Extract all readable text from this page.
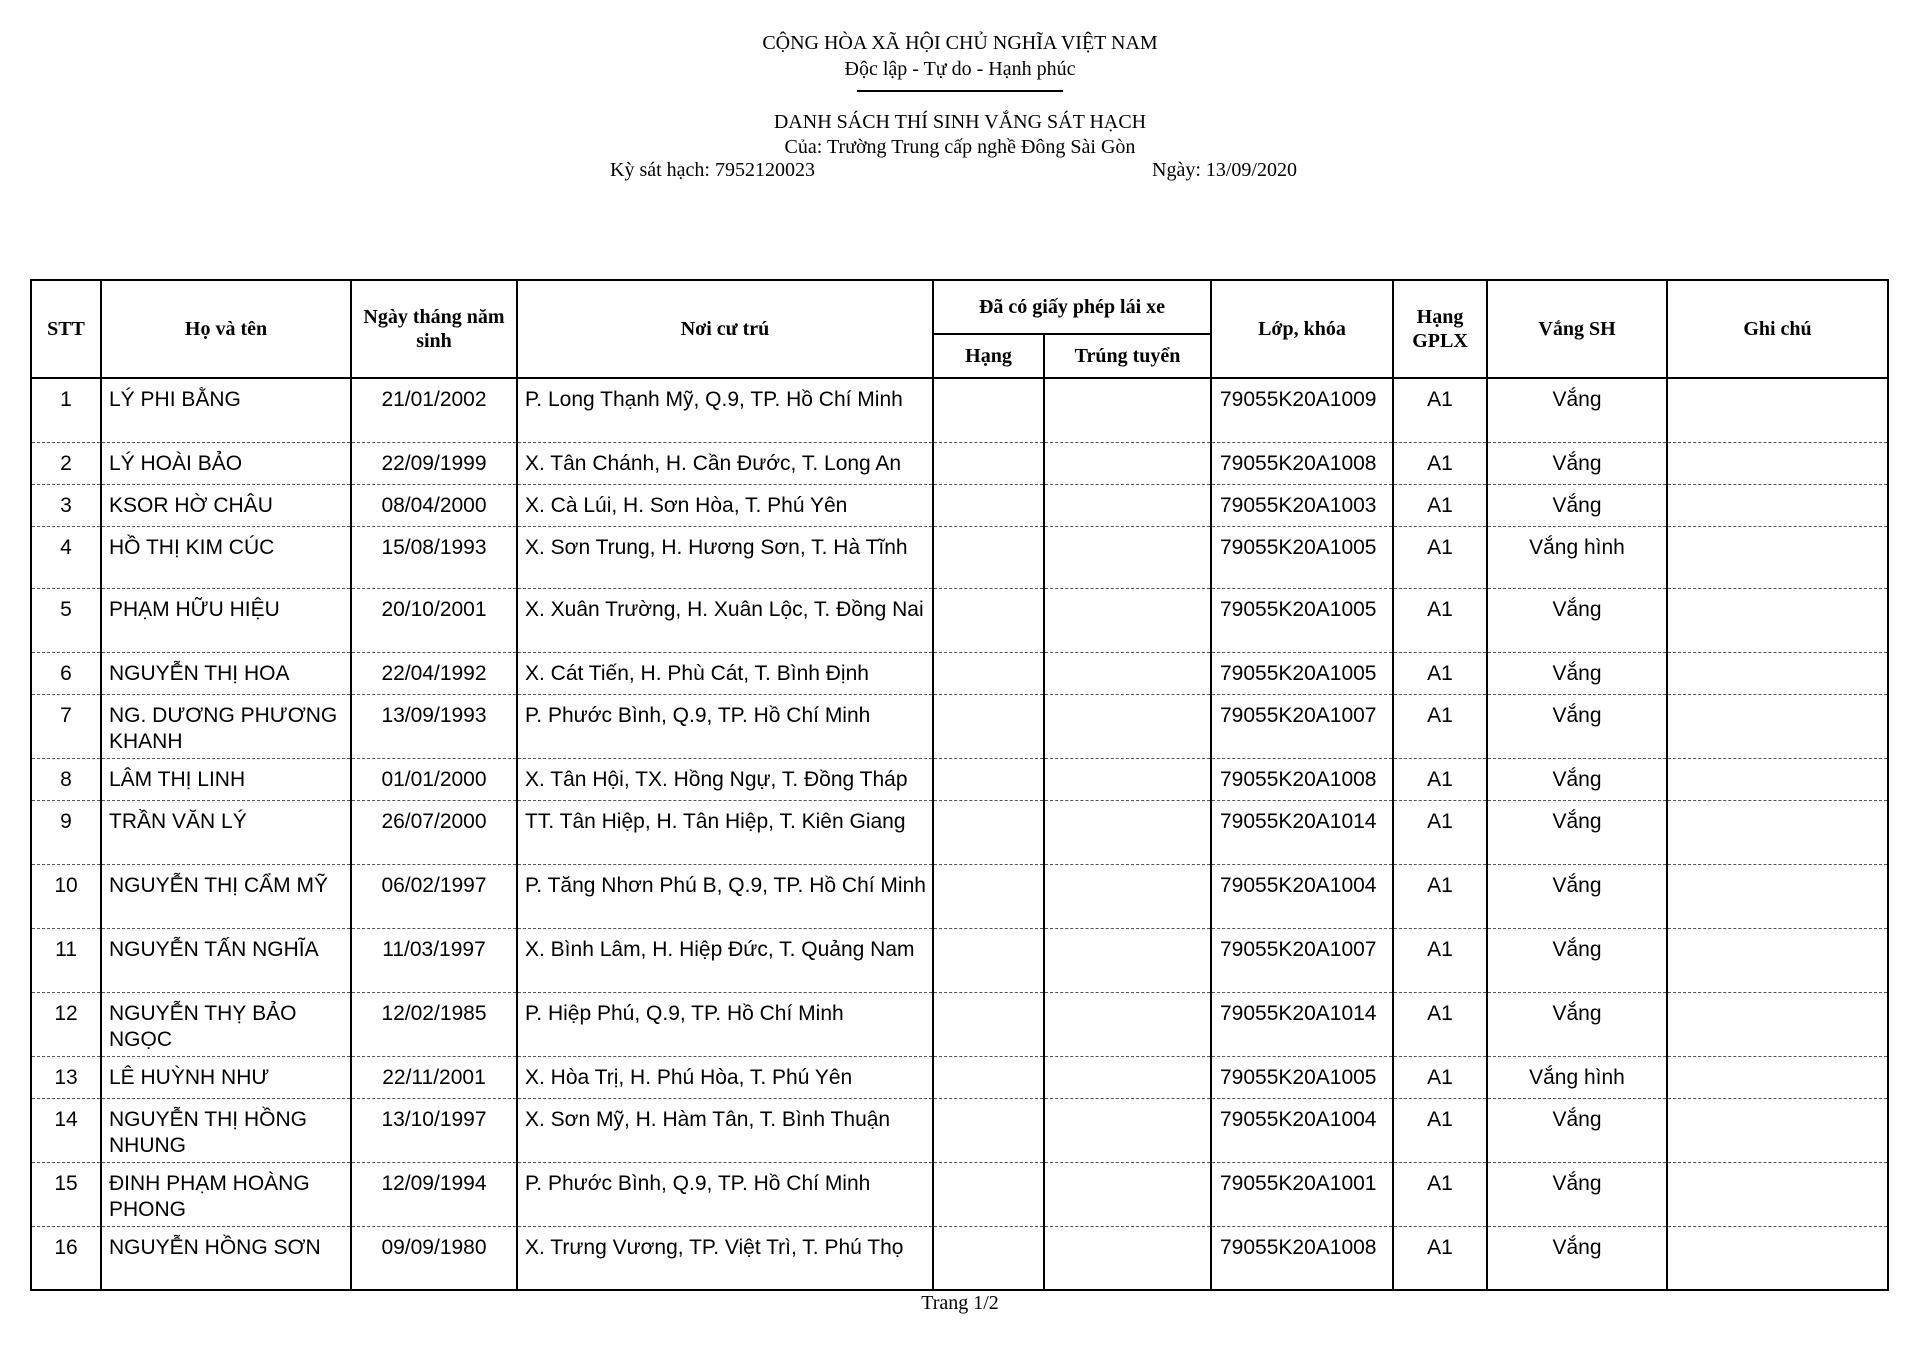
CỘNG HÒA XÃ HỘI CHỦ NGHĨA VIỆT NAM
Độc lập - Tự do - Hạnh phúc
DANH SÁCH THÍ SINH VẮNG SÁT HẠCH
Của: Trường Trung cấp nghề Đông Sài Gòn
Kỳ sát hạch: 7952120023	Ngày: 13/09/2020
STT	Họ và tên	Ngày tháng năm sinh	Nơi cư trú	Đã có giấy phép lái xe		Lớp, khóa	Hạng GPLX	Vắng SH	Ghi chú
				Hạng	Trúng tuyển				
1	LÝ PHI BẰNG	21/01/2002	P. Long Thạnh Mỹ, Q.9, TP. Hồ Chí Minh			79055K20A1009	A1	Vắng	
2	LÝ HOÀI BẢO	22/09/1999	X. Tân Chánh, H. Cần Đước, T. Long An			79055K20A1008	A1	Vắng	
3	KSOR HỜ CHÂU	08/04/2000	X. Cà Lúi, H. Sơn Hòa, T. Phú Yên			79055K20A1003	A1	Vắng	
4	HỒ THỊ KIM CÚC	15/08/1993	X. Sơn Trung, H. Hương Sơn, T. Hà Tĩnh			79055K20A1005	A1	Vắng hình	
5	PHẠM HỮU HIỆU	20/10/2001	X. Xuân Trường, H. Xuân Lộc, T. Đồng Nai			79055K20A1005	A1	Vắng	
6	NGUYỄN THỊ HOA	22/04/1992	X. Cát Tiến, H. Phù Cát, T. Bình Định			79055K20A1005	A1	Vắng	
7	NG. DƯƠNG PHƯƠNG KHANH	13/09/1993	P. Phước Bình, Q.9, TP. Hồ Chí Minh			79055K20A1007	A1	Vắng	
8	LÂM THỊ LINH	01/01/2000	X. Tân Hội, TX. Hồng Ngự, T. Đồng Tháp			79055K20A1008	A1	Vắng	
9	TRẦN VĂN LÝ	26/07/2000	TT. Tân Hiệp, H. Tân Hiệp, T. Kiên Giang			79055K20A1014	A1	Vắng	
10	NGUYỄN THỊ CẨM MỸ	06/02/1997	P. Tăng Nhơn Phú B, Q.9, TP. Hồ Chí Minh			79055K20A1004	A1	Vắng	
11	NGUYỄN TẤN NGHĨA	11/03/1997	X. Bình Lâm, H. Hiệp Đức, T. Quảng Nam			79055K20A1007	A1	Vắng	
12	NGUYỄN THỴ BẢO NGỌC	12/02/1985	P. Hiệp Phú, Q.9, TP. Hồ Chí Minh			79055K20A1014	A1	Vắng	
13	LÊ HUỲNH NHƯ	22/11/2001	X. Hòa Trị, H. Phú Hòa, T. Phú Yên			79055K20A1005	A1	Vắng hình	
14	NGUYỄN THỊ HỒNG NHUNG	13/10/1997	X. Sơn Mỹ, H. Hàm Tân, T. Bình Thuận			79055K20A1004	A1	Vắng	
15	ĐINH PHẠM HOÀNG PHONG	12/09/1994	P. Phước Bình, Q.9, TP. Hồ Chí Minh			79055K20A1001	A1	Vắng	
16	NGUYỄN HỒNG SƠN	09/09/1980	X. Trưng Vương, TP. Việt Trì, T. Phú Thọ			79055K20A1008	A1	Vắng	
Trang 1/2
